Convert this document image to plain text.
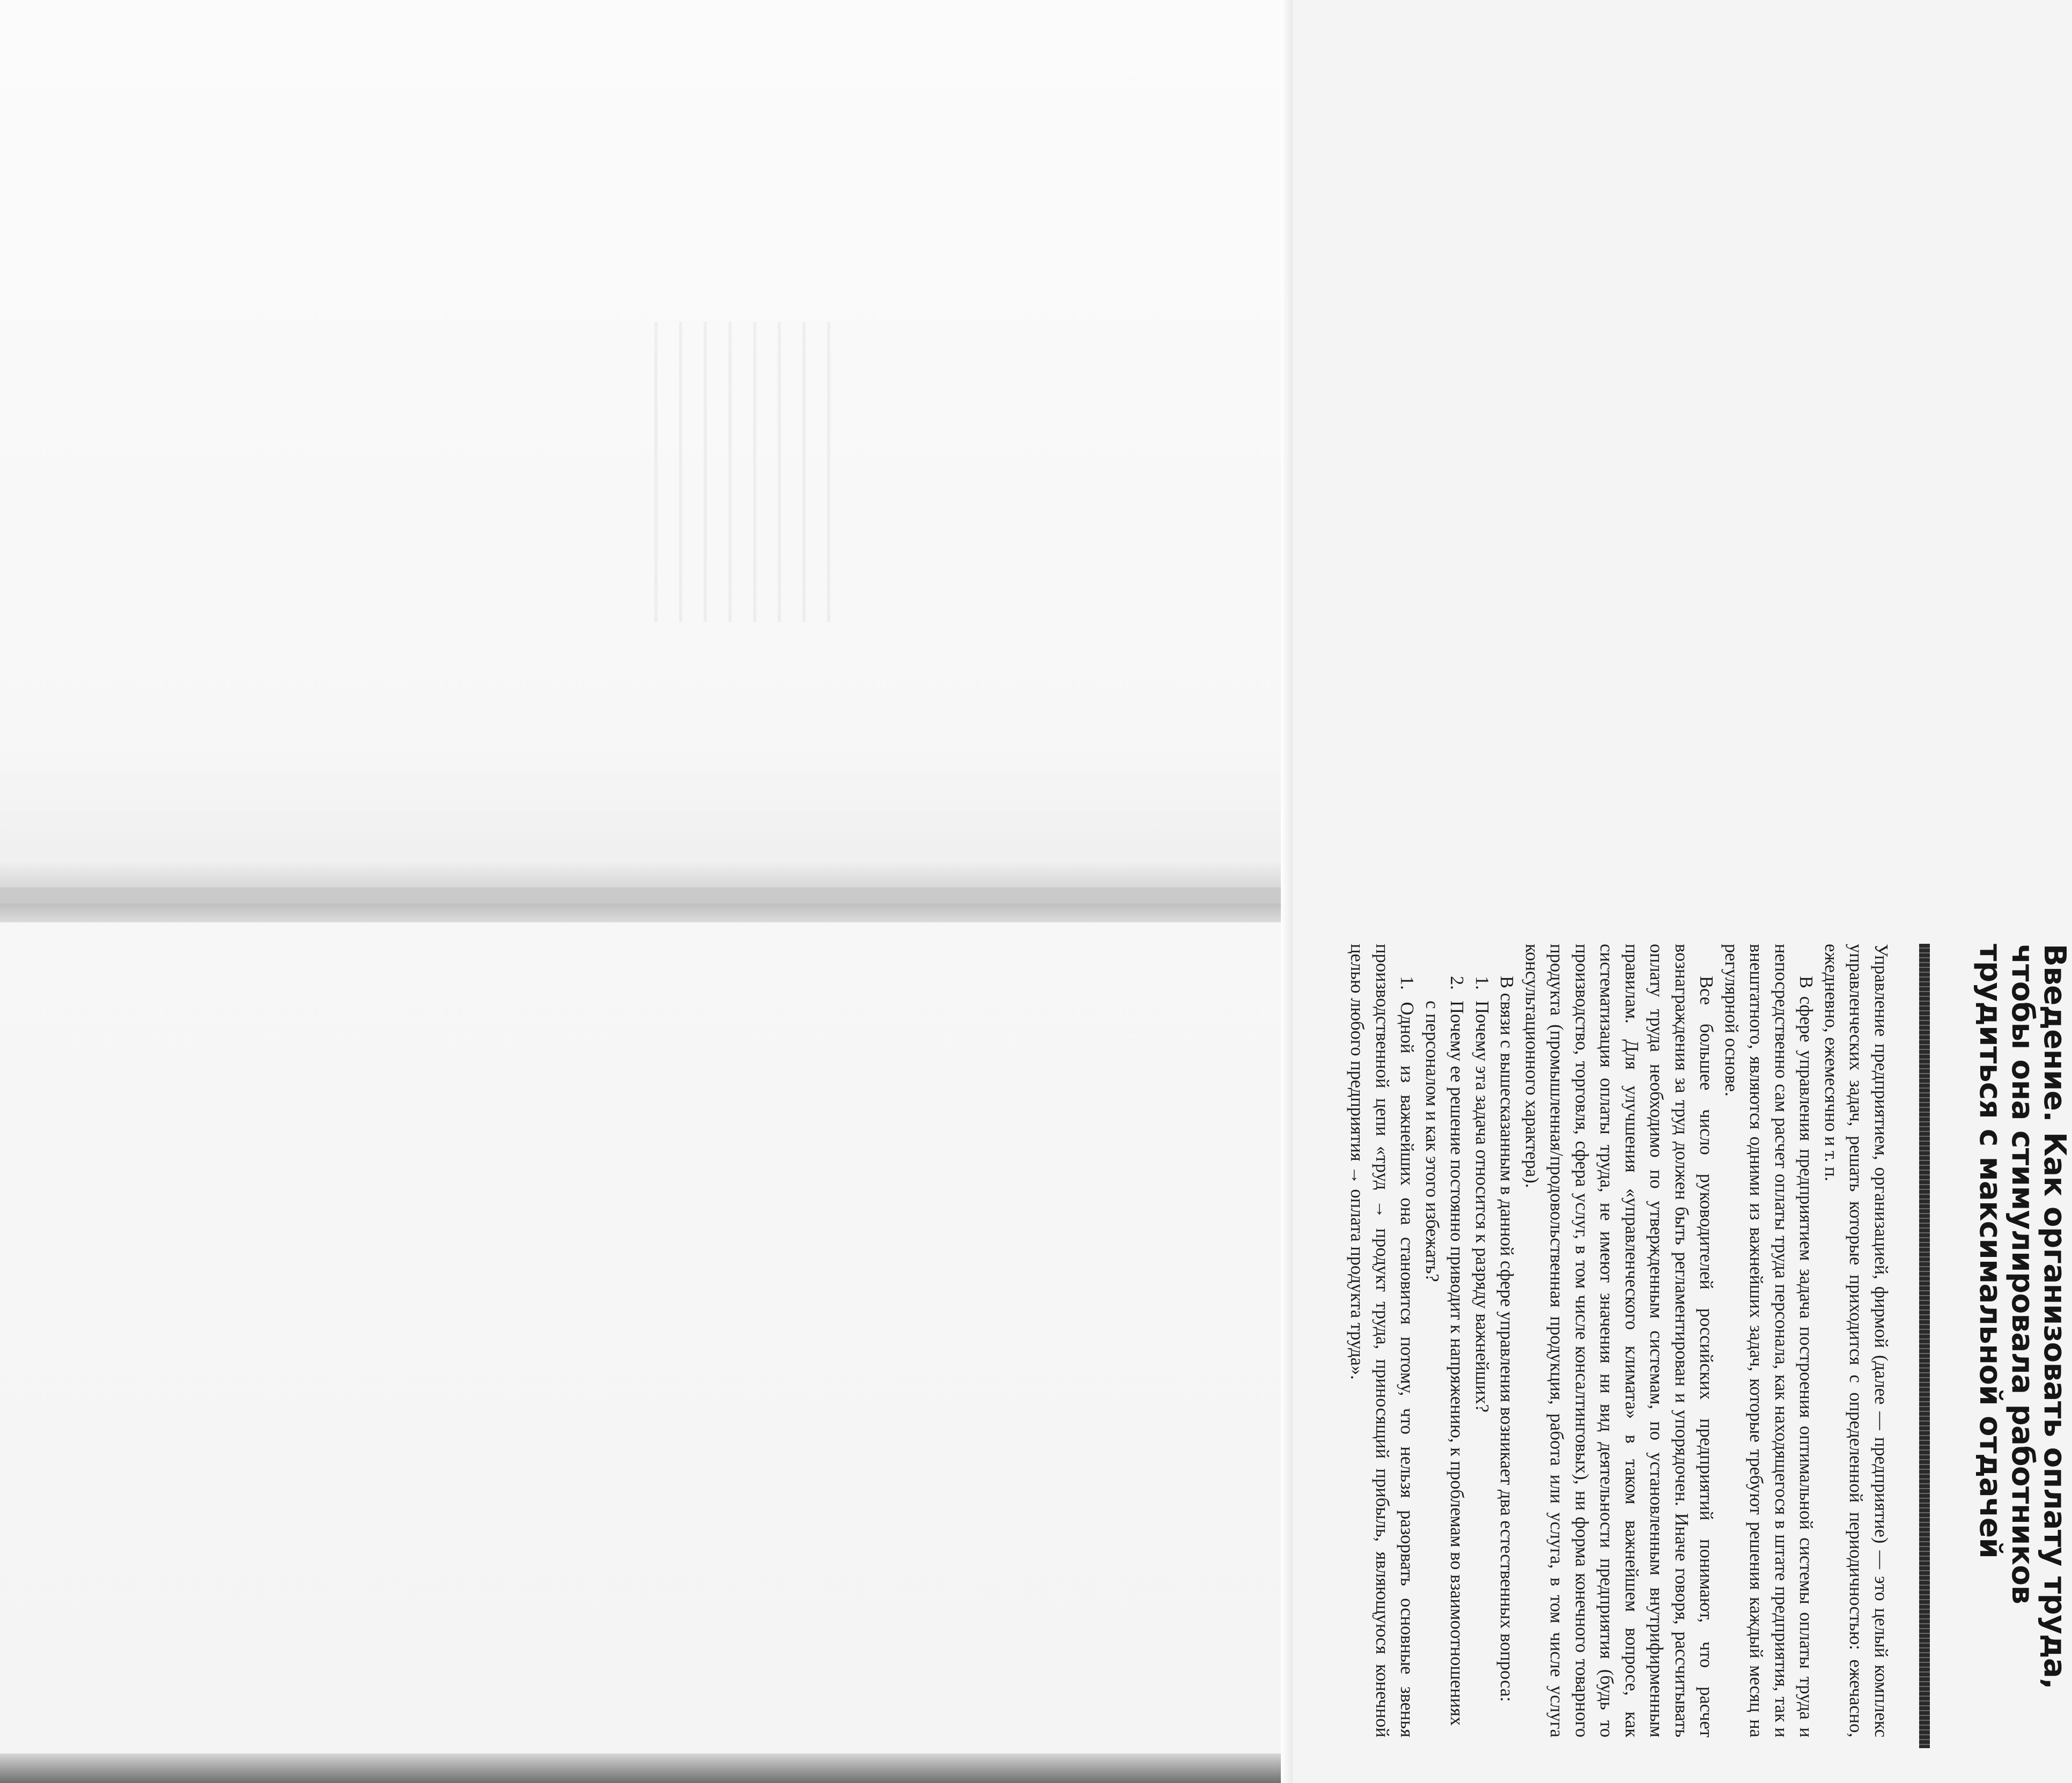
Введение. Как организовать оплату труда, чтобы она стимулировала работников трудиться с максимальной отдачей

Управление предприятием, организацией, фирмой (далее — предприятие) — это целый комплекс управленческих задач, решать которые приходится с определенной периодичностью: ежечасно, ежедневно, ежемесячно и т. п.

В сфере управления предприятием задача построения оптимальной системы оплаты труда и непосредственно сам расчет оплаты труда персонала, как находящегося в штате предприятия, так и внештатного, являются одними из важнейших задач, которые требуют решения каждый месяц на регулярной основе.

Все большее число руководителей российских предприятий понимают, что расчет вознаграждения за труд должен быть регламентирован и упорядочен. Иначе говоря, рассчитывать оплату труда необходимо по утвержденным системам, по установленным внутрифирменным правилам. Для улучшения «управленческого климата» в таком важнейшем вопросе, как систематизация оплаты труда, не имеют значения ни вид деятельности предприятия (будь то производство, торговля, сфера услуг, в том числе консалтинговых), ни форма конечного товарного продукта (промышленная/продовольственная продукция, работа или услуга, в том числе услуга консультационного характера).

В связи с вышесказанным в данной сфере управления возникает два естественных вопроса:

1.Почему эта задача относится к разряду важнейших?

2.Почему ее решение постоянно приводит к напряжению, к проблемам во взаимоотношениях с персоналом и как этого избежать?

1. Одной из важнейших она становится потому, что нельзя разорвать основные звенья производственной цепи «труд → продукт труда, приносящий прибыль, являющуюся конечной целью любого предприятия → оплата продукта труда».
